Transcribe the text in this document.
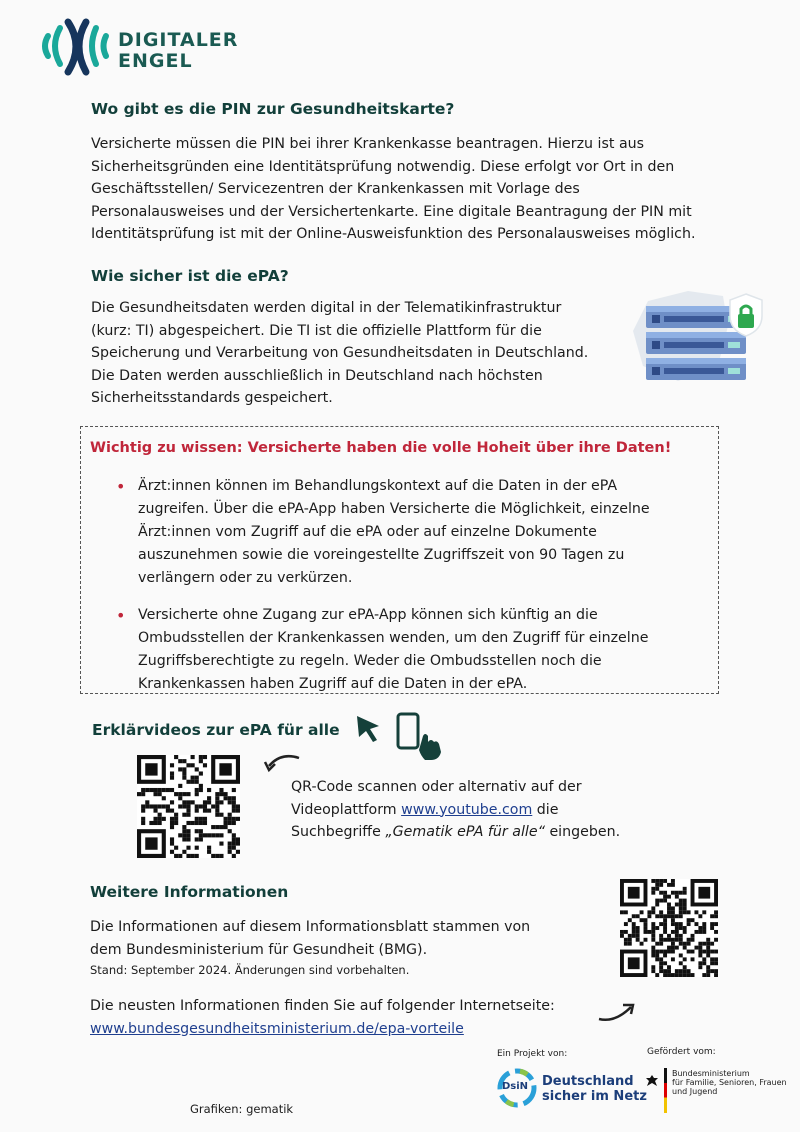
DIGITALER
ENGEL
Wo gibt es die PIN zur Gesundheitskarte?

Versicherte müssen die PIN bei ihrer Krankenkasse beantragen. Hierzu ist aus

Sicherheitsgründen eine Identitätsprüfung notwendig. Diese erfolgt vor Ort in den

Geschäftsstellen/ Servicezentren der Krankenkassen mit Vorlage des

Personalausweises und der Versichertenkarte. Eine digitale Beantragung der PIN mit

Identitätsprüfung ist mit der Online-Ausweisfunktion des Personalausweises möglich.

Wie sicher ist die ePA?

Die Gesundheitsdaten werden digital in der Telematikinfrastruktur

(kurz: TI) abgespeichert. Die TI ist die offizielle Plattform für die

Speicherung und Verarbeitung von Gesundheitsdaten in Deutschland.

Die Daten werden ausschließlich in Deutschland nach höchsten

Sicherheitsstandards gespeichert.

Wichtig zu wissen: Versicherte haben die volle Hoheit über ihre Daten!
• Ärzt:innen können im Behandlungskontext auf die Daten in der ePA
zugreifen. Über die ePA-App haben Versicherte die Möglichkeit, einzelne
Ärzt:innen vom Zugriff auf die ePA oder auf einzelne Dokumente
auszunehmen sowie die voreingestellte Zugriffszeit von 90 Tagen zu
verlängern oder zu verkürzen.
• Versicherte ohne Zugang zur ePA-App können sich künftig an die
Ombudsstellen der Krankenkassen wenden, um den Zugriff für einzelne
Zugriffsberechtigte zu regeln. Weder die Ombudsstellen noch die
Krankenkassen haben Zugriff auf die Daten in der ePA.
Erklärvideos zur ePA für alle

QR-Code scannen oder alternativ auf der

Videoplattform www.youtube.com die

Suchbegriffe „Gematik ePA für alle“ eingeben.

Weitere Informationen

Die Informationen auf diesem Informationsblatt stammen von

dem Bundesministerium für Gesundheit (BMG).

Stand: September 2024. Änderungen sind vorbehalten.

Die neusten Informationen finden Sie auf folgender Internetseite:

www.bundesgesundheitsministerium.de/epa-vorteile

Grafiken: gematik
Ein Projekt von:
DsiN Deutschland
sicher im Netz
Gefördert vom:
Bundesministerium
für Familie, Senioren, Frauen
und Jugend
